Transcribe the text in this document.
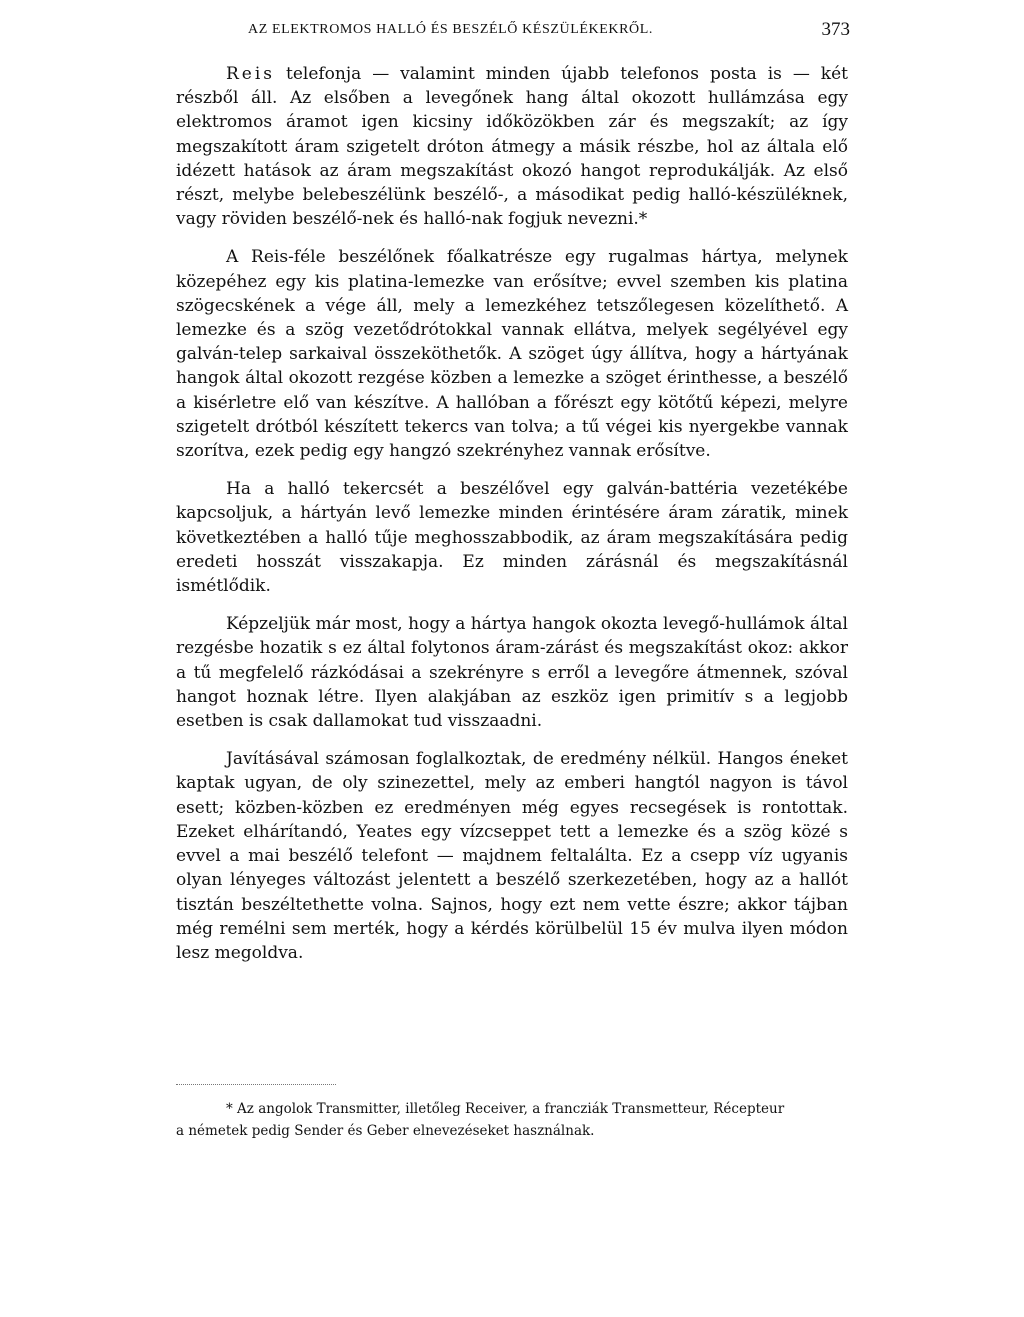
AZ ELEKTROMOS HALLÓ ÉS BESZÉLŐ KÉSZÜLÉKEKRŐL.	373

Reis telefonja — valamint minden újabb telefonos posta is — két részből áll. Az elsőben a levegőnek hang által okozott hullámzása egy elektromos áramot igen kicsiny időközökben zár és megszakít; az így megszakított áram szigetelt dróton átmegy a másik részbe, hol az általa elő idézett hatások az áram megszakítást okozó hangot reprodukálják. Az első részt, melybe belebeszélünk beszélő-, a másodikat pedig halló-készüléknek, vagy röviden beszélő-nek és halló-nak fogjuk nevezni.*

A Reis-féle beszélőnek főalkatrésze egy rugalmas hártya, melynek közepéhez egy kis platina-lemezke van erősítve; evvel szemben kis platina szögecskének a vége áll, mely a lemezkéhez tetszőlegesen közelíthető. A lemezke és a szög vezetődrótokkal vannak ellátva, melyek segélyével egy galván-telep sarkaival összeköthetők. A szöget úgy állítva, hogy a hártyának hangok által okozott rezgése közben a lemezke a szöget érinthesse, a beszélő a kisérletre elő van készítve. A hallóban a főrészt egy kötőtű képezi, melyre szigetelt drótból készített tekercs van tolva; a tű végei kis nyergekbe vannak szorítva, ezek pedig egy hangzó szekrényhez vannak erősítve.

Ha a halló tekercsét a beszélővel egy galván-battéria vezetékébe kapcsoljuk, a hártyán levő lemezke minden érintésére áram záratik, minek következtében a halló tűje meghosszabbodik, az áram megszakítására pedig eredeti hosszát visszakapja. Ez minden zárásnál és megszakításnál ismétlődik.

Képzeljük már most, hogy a hártya hangok okozta levegő-hullámok által rezgésbe hozatik s ez által folytonos áram-zárást és megszakítást okoz: akkor a tű megfelelő rázkódásai a szekrényre s erről a levegőre átmennek, szóval hangot hoznak létre. Ilyen alakjában az eszköz igen primitív s a legjobb esetben is csak dallamokat tud visszaadni.

Javításával számosan foglalkoztak, de eredmény nélkül. Hangos éneket kaptak ugyan, de oly szinezettel, mely az emberi hangtól nagyon is távol esett; közben-közben ez eredményen még egyes recsegések is rontottak. Ezeket elhárítandó, Yeates egy vízcseppet tett a lemezke és a szög közé s evvel a mai beszélő telefont — majdnem feltalálta. Ez a csepp víz ugyanis olyan lényeges változást jelentett a beszélő szerkezetében, hogy az a hallót tisztán beszéltethette volna. Sajnos, hogy ezt nem vette észre; akkor tájban még remélni sem merték, hogy a kérdés körülbelül 15 év mulva ilyen módon lesz megoldva.

* Az angolok Transmitter, illetőleg Receiver, a francziák Transmetteur, Récepteur
a németek pedig Sender és Geber elnevezéseket használnak.
